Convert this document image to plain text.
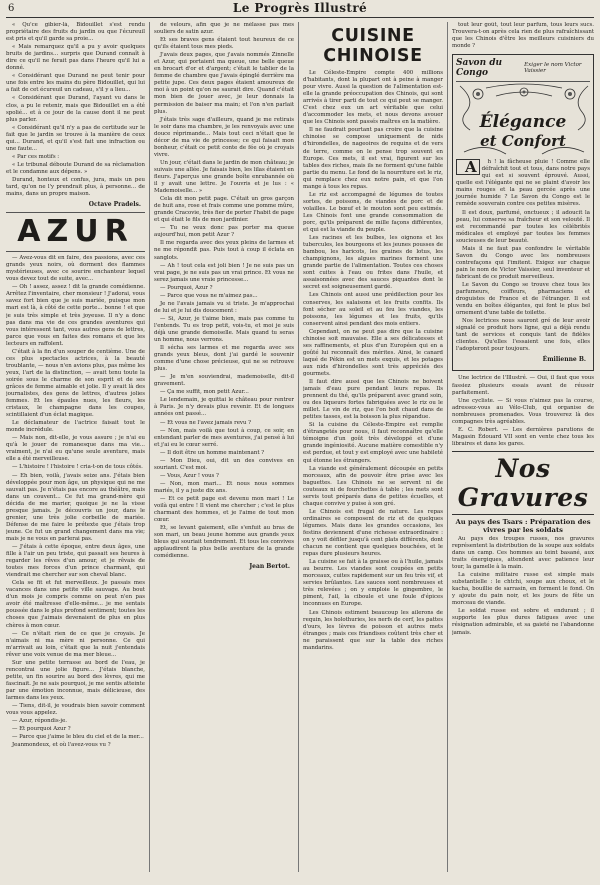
6	Le Progrès Illustré

« Qu'ce gibier-là, Bidouillet s'est rendu propriétaire des fruits du jardin ou que l'écureuil est pris et qu'il garde sa proie...

« Mais remarquez qu'il a pu y avoir quelques bruits de jardins... surpris que Durand connaît à dire ce qu'il ne ferait pas dans l'heure qu'il lui a donné.

« Considérant que Durand ne peut tenir pour une fois entre les mains du père Bidouillet, qui lui a fait de cet écureuil un cadeau, s'il y a lieu...

« Considérant que Durand, l'ayant vu dans le clos, a pu le retenir, mais que Bidouillet en a été spolié... et à ce jour de la cause dont il ne peut plus parler.

« Considérant qu'il n'y a pas de certitude sur le fait que le jardin se trouve à la manière de ceux qui... Durand, et qu'il s'est fait une infraction ou une faute...

« Par ces motifs :

« Le tribunal déboute Durand de sa réclamation et le condamne aux dépens. »

Durand, honteux et confus, jura, mais un peu tard, qu'on ne l'y prendrait plus, à personne... de mains, dans un propre maison.

Octave Pradels.
AZUR

— Avez-vous dit en faire, des passions, avec ces grands yeux noirs, où dorment des flammes mystérieuses, avec ce sourire enchanteur lequel vous devez tout de suite, avec...

— Oh ! assez, assez ! dit la grande comédienne. Arrêtez l'inventaire, cher monsieur ! J'adorai, vous savez fort bien que je suis mariée, puisque mon mari est là, à côté de cette porte... bonne ! et que je suis très simple et très joyeuse. Il n'y a donc pas dans ma vie de ces grandes aventures qui vous intéressent tant, vous autres gens de lettres, parce que vous en faites des romans et que les lecteurs en raffolent.

C'était à la fin d'un souper de centième. Une de ces plus spectacles actrices, à la beauté troublante, — nous n'en avions plus, pas même les yeux, l'art de la distinction, — avait tenu toute la soirée sous le charme de son esprit et de ses grâces de femme aimable et jolie. Il y avait là des journalistes, des gens de lettres, d'autres jolies femmes. Et les épaules nues, les fleurs, les cristaux, le champagne dans les coupes, scintillaient d'un éclat magique.

Le déclamateur de l'actrice faisait tout le monde incrédule.

— Mais non, dit-elle, je vous assure ; je n'ai eu qu'à le jouer de romanesque dans ma vie... vraiment, je n'ai eu qu'une seule aventure, mais elle a été merveilleuse.

— L'histoire ! l'histoire ! cria-t-on de tous côtés.

— Eh bien, voilà, j'avais seize ans. J'étais bien développée pour mon âge, un physique qui ne me sauvait pas. Je n'étais pas encore au théâtre, mais dans un couvent... Ce fut ma grand-mère qui décida de me marier, quoique je ne la visse presque jamais. Je découvris un jour, dans le grenier, une très jolie corbeille de mariée. Défense de me faire le prétexte que j'étais trop jeune. Ce fut un grand changement dans ma vie; mais je ne vous en parlerai pas.

— J'étais à cette époque, entre deux âges, une fille à l'air un peu triste, qui passait ses heures à regarder les rêves d'un amour, et je rêvais de toutes mes forces d'un prince charmant, qui viendrait me chercher sur son cheval blanc.

Cela se fit et fut merveilleux. Je passais mes vacances dans une petite ville sauvage. Au bout d'un mois je compris comme on peut n'en pas avoir été maîtresse d'elle-même... je me sentais poussée dans le plus profond sentiment; toutes les choses que j'aimais devenaient de plus en plus chères à mon cœur.

— Ce n'était rien de ce que je croyais. Je n'aimais ni ma mère ni personne. Ce qui m'arrivait au loin, c'était que la nuit j'entendais rêver une voix venue de ma mer bleue...

Sur une petite terrasse au bord de l'eau, je rencontrai une jolie figure... J'étais blanche, petite, un fin sourire au bord des lèvres, qui me fascinait. Je ne sais pourquoi, je me sentis atteinte par une émotion inconnue, mais délicieuse, des larmes dans les yeux.

— Tiens, dit-il, je voudrais bien savoir comment vous vous appelez.

— Azur, répondis-je.

— Et pourquoi Azur ?

— Parce que j'aime le bleu du ciel et de la mer...

Jeanmondeux, et où l'avez-vous vu ?

de velours, afin que je ne mélasse pas mes souliers de satin azur.

Et ses braves gens étaient tout heureux de ce qu'ils étaient tous mes pieds.

J'avais deux pages, que j'avais nommés Zinnelle et Azur, qui portaient ma queue, une belle queue en brocart d'or et d'argent; c'était le tablier de la femme de chambre que j'avais épinglé derrière ma petite jupe. Ces deux pages étaient amoureux de moi à un point qu'on ne saurait dire. Quand c'était mon bien de jouer avec, je leur donnais la permission de baiser ma main; et l'on n'en parlait plus.

J'étais très sage d'ailleurs, quand je me retirais le soir dans ma chambre, je les renvoyais avec une douce réprimande... Mais tout ceci n'était que le décor de ma vie de princesse; ce qui faisait mon bonheur, c'était ce petit conte de fée où je croyais vivre.

Un jour, c'était dans le jardin de mon château; je suivais une allée. Je faisais bien, les lilas étaient en fleurs. J'aperçus une grande boîte enrubannée où il y avait une lettre. Je l'ouvris et je lus : « Mademoiselle... »

Cela dit mon petit page. C'était un gros garçon de huit ans, rose et frais comme une pomme mûre, grande Cracovie, très fier de porter l'habit de page et qui était le fils de mon jardinier.

— Tu ne veux donc pas porter ma queue aujourd'hui, mon petit Azur ?

Il me regarda avec des yeux pleins de larmes et ne me répondit pas. Puis tout à coup il éclata en sanglots.

— Ah ! tout cela est joli bien ! Je ne suis pas un vrai page, je ne suis pas un vrai prince. Et vous ne serez jamais une vraie princesse...

— Pourquoi, Azur ?

— Parce que vous ne m'aimez pas...

Je ne l'avais jamais vu si triste. Je m'approchai de lui et je lui dis doucement :

— Si, Azur, je t'aime bien, mais pas comme tu l'entends. Tu es trop petit, vois-tu, et moi je suis déjà une grande demoiselle. Mais quand tu seras un homme, nous verrons.

Il sécha ses larmes et me regarda avec ses grands yeux bleus, dont j'ai gardé le souvenir comme d'une chose précieuse, qui ne se retrouve plus.

— Je m'en souviendrai, mademoiselle, dit-il gravement.

— Ça me suffit, mon petit Azur...

Le lendemain, je quittai le château pour rentrer à Paris. Je n'y devais plus revenir. Et de longues années ont passé...

— Et vous ne l'avez jamais revu ?

— Non, mais voilà que tout à coup, ce soir, en entendant parler de mes aventures, j'ai pensé à lui et j'ai eu le cœur serré.

— Il doit être un homme maintenant ?

— Mon Dieu, oui, dit un des convives en souriant. C'est moi.

— Vous, Azur ! vous ?

— Non, mon mari... Et nous nous sommes mariés, il y a juste dix ans.

— Et ce petit page est devenu mon mari ! Le voilà qui entre ! Il vient me chercher ; c'est le plus charmant des hommes, et je l'aime de tout mon cœur.

Et, se levant gaiement, elle s'enfuit au bras de son mari, un beau jeune homme aux grands yeux bleus qui souriait tendrement. Et tous les convives applaudirent la plus belle aventure de la grande comédienne.

Jean Bertot.
CUISINE CHINOISE

Le Céleste-Empire compte 400 millions d'habitants, dont la plupart ont à peine à manger pour vivre. Aussi la question de l'alimentation est-elle la grande préoccupation des Chinois, qui sont arrivés à tirer parti de tout ce qui peut se manger. C'est chez eux un art véritable que celui d'accommoder les mets, et nous devons avouer que les Chinois sont passés maîtres en la matière.

Il ne faudrait pourtant pas croire que la cuisine chinoise se compose uniquement de nids d'hirondelles, de nageoires de requins et de vers de terre, comme on le pense trop souvent en Europe. Ces mets, il est vrai, figurent sur les tables des riches, mais ils ne forment qu'une faible partie du menu. Le fond de la nourriture est le riz, qui remplace chez eux notre pain, et que l'on mange à tous les repas.

Le riz est accompagné de légumes de toutes sortes, de poissons, de viandes de porc et de volailles. Le bœuf et le mouton sont peu estimés. Les Chinois font une grande consommation de porc, qu'ils préparent de mille façons différentes, et qui est la viande du peuple.

Les racines et les bulbes, les oignons et les tubercules, les bourgeons et les jeunes pousses de bambou, les haricots, les graines de lotus, les champignons, les algues marines forment une grande partie de l'alimentation. Toutes ces choses sont cuites à l'eau ou frites dans l'huile, et assaisonnées avec des sauces piquantes dont le secret est soigneusement gardé.

Les Chinois ont aussi une prédilection pour les conserves, les salaisons et les fruits confits. Ils font sécher au soleil et au feu les viandes, les poissons, les légumes et les fruits, qu'ils conservent ainsi pendant des mois entiers.

Cependant, on ne peut pas dire que la cuisine chinoise soit mauvaise. Elle a ses délicatesses et ses raffinements, et plus d'un Européen qui en a goûté lui reconnaît des mérites. Ainsi, le canard laqué de Pékin est un mets exquis, et les potages aux nids d'hirondelles sont très appréciés des gourmets.

Il faut dire aussi que les Chinois ne boivent jamais d'eau pure pendant leurs repas. Ils prennent du thé, qu'ils préparent avec grand soin, ou des liqueurs fortes fabriquées avec le riz ou le millet. Le vin de riz, que l'on boit chaud dans de petites tasses, est la boisson la plus répandue.

Si la cuisine du Céleste-Empire est remplie d'étrangetés pour nous, il faut reconnaître qu'elle témoigne d'un goût très développé et d'une grande ingéniosité. Aucune matière comestible n'y est perdue, et tout y est employé avec une habileté qui étonne les étrangers.

La viande est généralement découpée en petits morceaux, afin de pouvoir être prise avec les baguettes. Les Chinois ne se servent ni de couteaux ni de fourchettes à table ; les mets sont servis tout préparés dans de petites écuelles, et chaque convive y puise à son gré.

Le Chinois est frugal de nature. Les repas ordinaires se composent de riz et de quelques légumes. Mais dans les grandes occasions, les festins deviennent d'une richesse extraordinaire : on y voit défiler jusqu'à cent plats différents, dont chacun ne contient que quelques bouchées, et le repas dure plusieurs heures.

La cuisine se fait à la graisse ou à l'huile, jamais au beurre. Les viandes sont coupées en petits morceaux, cuites rapidement sur un feu très vif, et servies brûlantes. Les sauces sont nombreuses et très relevées ; on y emploie le gingembre, le piment, l'ail, la ciboule et une foule d'épices inconnues en Europe.

Les Chinois estiment beaucoup les ailerons de requin, les holothuries, les nerfs de cerf, les pattes d'ours, les lèvres de poisson et autres mets étranges ; mais ces friandises coûtent très cher et ne paraissent que sur la table des riches mandarins.

tout leur goût, tout leur parfum, tous leurs sucs. Trouvera-t-on après cela rien de plus rafraîchissant que les Chinois d'être les meilleurs cuisiniers du monde ?

Savon du Congo
Exiger le nom Victor Vaissier
Élégance
et Confort

A	h ! la fâcheuse pluie ! Comme elle défraîchit tout et tous, dans notre pays qui est si souvent éprouvé. Aussi, quelle est l'élégante qui ne se plaint d'avoir les mains rouges et la peau gercée après une journée humide ? Le Savon du Congo est le remède souverain contre ces petites misères.

Il est doux, parfumé, onctueux ; il adoucit la peau, lui conserve sa fraîcheur et son velouté. Il est recommandé par toutes les célébrités médicales et employé par toutes les femmes soucieuses de leur beauté.

Mais il ne faut pas confondre le véritable Savon du Congo avec les nombreuses contrefaçons qui l'imitent. Exigez sur chaque pain le nom de Victor Vaissier, seul inventeur et fabricant de ce produit merveilleux.

Le Savon du Congo se trouve chez tous les parfumeurs, coiffeurs, pharmaciens et droguistes de France et de l'étranger. Il est vendu en boîtes élégantes, qui font le plus bel ornement d'une table de toilette.

Nos lectrices nous sauront gré de leur avoir signalé ce produit hors ligne, qui a déjà rendu tant de services et conquis tant de fidèles clientes. Qu'elles l'essaient une fois, elles l'adopteront pour toujours.

Émilienne B.

Une lectrice de l'Illustré. — Oui, il faut que vous fassiez plusieurs essais avant de réussir parfaitement.

Une cycliste. — Si vous n'aimez pas la course, adressez-vous au Vélo-Club, qui organise de nombreuses promenades. Vous trouverez là des compagnes très agréables.

E. C. Robert. — Les dernières parutions de Magasin Édouard VII sont en vente chez tous les libraires et dans les gares.

Nos Gravures
Au pays des Tsars : Préparation des vivres par les soldats

Au pays des troupes russes, nos gravures représentent la distribution de la soupe aux soldats dans un camp. Ces hommes au teint basané, aux traits énergiques, attendent avec patience leur tour, la gamelle à la main.

La cuisine militaire russe est simple mais substantielle : le chtchi, soupe aux choux, et le kacha, bouillie de sarrasin, en forment le fond. On y ajoute du pain noir, et les jours de fête un morceau de viande.

Le soldat russe est sobre et endurant ; il supporte les plus dures fatigues avec une résignation admirable, et sa gaieté ne l'abandonne jamais.
